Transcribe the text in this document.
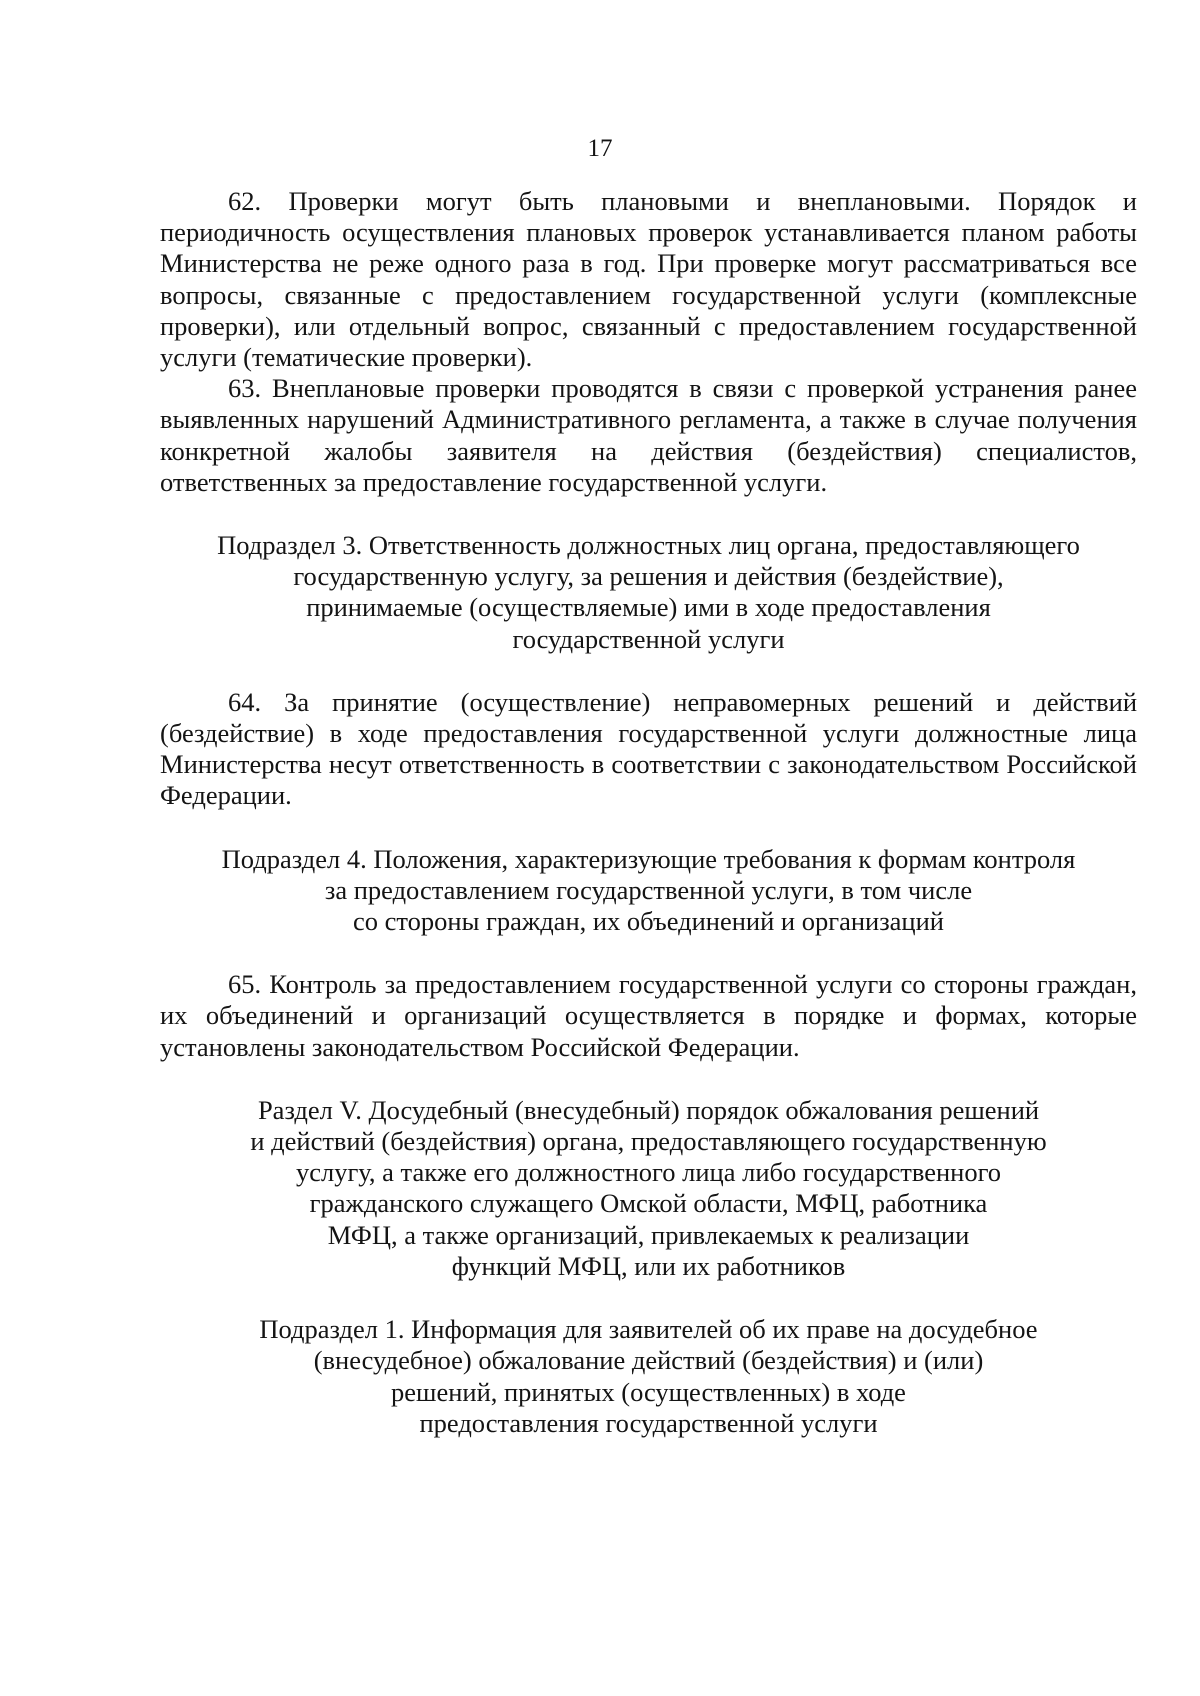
17

62. Проверки могут быть плановыми и внеплановыми. Порядок и периодичность осуществления плановых проверок устанавливается планом работы Министерства не реже одного раза в год. При проверке могут рассматриваться все вопросы, связанные с предоставлением государственной услуги (комплексные проверки), или отдельный вопрос, связанный с предоставлением государственной услуги (тематические проверки).

63. Внеплановые проверки проводятся в связи с проверкой устранения ранее выявленных нарушений Административного регламента, а также в случае получения конкретной жалобы заявителя на действия (бездействия) специалистов, ответственных за предоставление государственной услуги.

Подраздел 3. Ответственность должностных лиц органа, предоставляющего
государственную услугу, за решения и действия (бездействие),
принимаемые (осуществляемые) ими в ходе предоставления
государственной услуги

64. За принятие (осуществление) неправомерных решений и действий (бездействие) в ходе предоставления государственной услуги должностные лица Министерства несут ответственность в соответствии с законодательством Российской Федерации.

Подраздел 4. Положения, характеризующие требования к формам контроля
за предоставлением государственной услуги, в том числе
со стороны граждан, их объединений и организаций

65. Контроль за предоставлением государственной услуги со стороны граждан, их объединений и организаций осуществляется в порядке и формах, которые установлены законодательством Российской Федерации.

Раздел V. Досудебный (внесудебный) порядок обжалования решений
и действий (бездействия) органа, предоставляющего государственную
услугу, а также его должностного лица либо государственного
гражданского служащего Омской области, МФЦ, работника
МФЦ, а также организаций, привлекаемых к реализации
функций МФЦ, или их работников
Подраздел 1. Информация для заявителей об их праве на досудебное
(внесудебное) обжалование действий (бездействия) и (или)
решений, принятых (осуществленных) в ходе
предоставления государственной услуги
